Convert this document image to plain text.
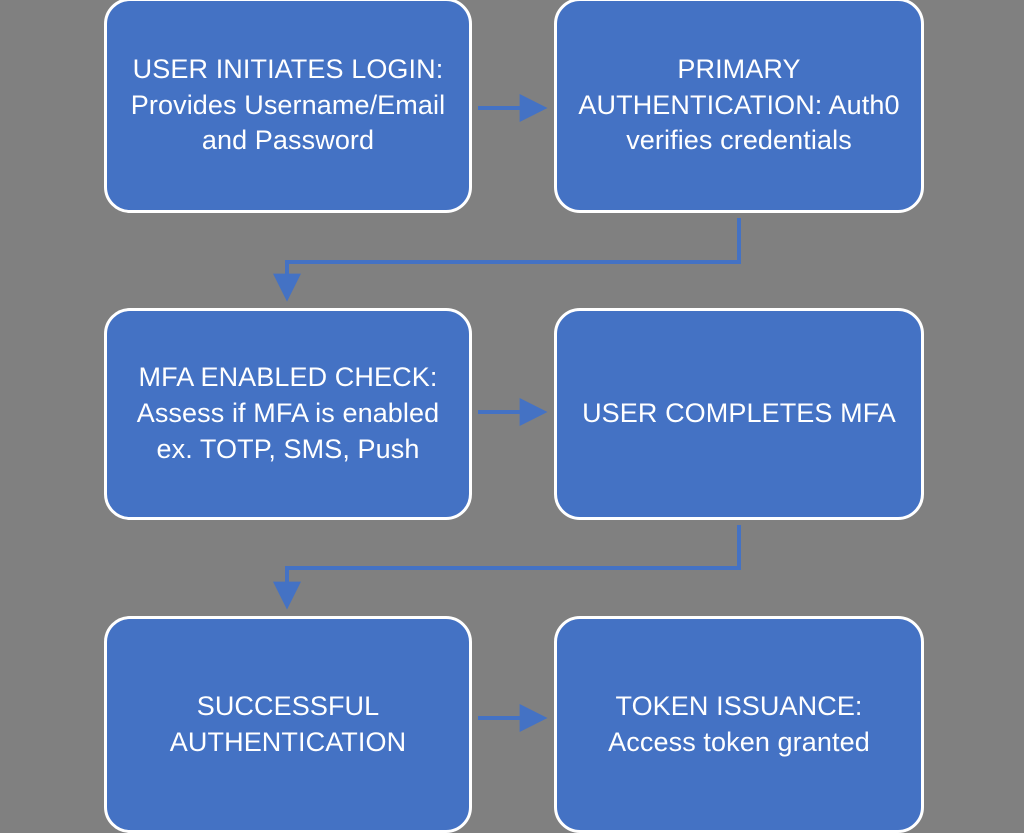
USER INITIATES LOGIN: Provides Username/Email and Password
PRIMARY AUTHENTICATION: Auth0 verifies credentials
MFA ENABLED CHECK: Assess if MFA is enabled ex. TOTP, SMS, Push
USER COMPLETES MFA
SUCCESSFUL AUTHENTICATION
TOKEN ISSUANCE: Access token granted
